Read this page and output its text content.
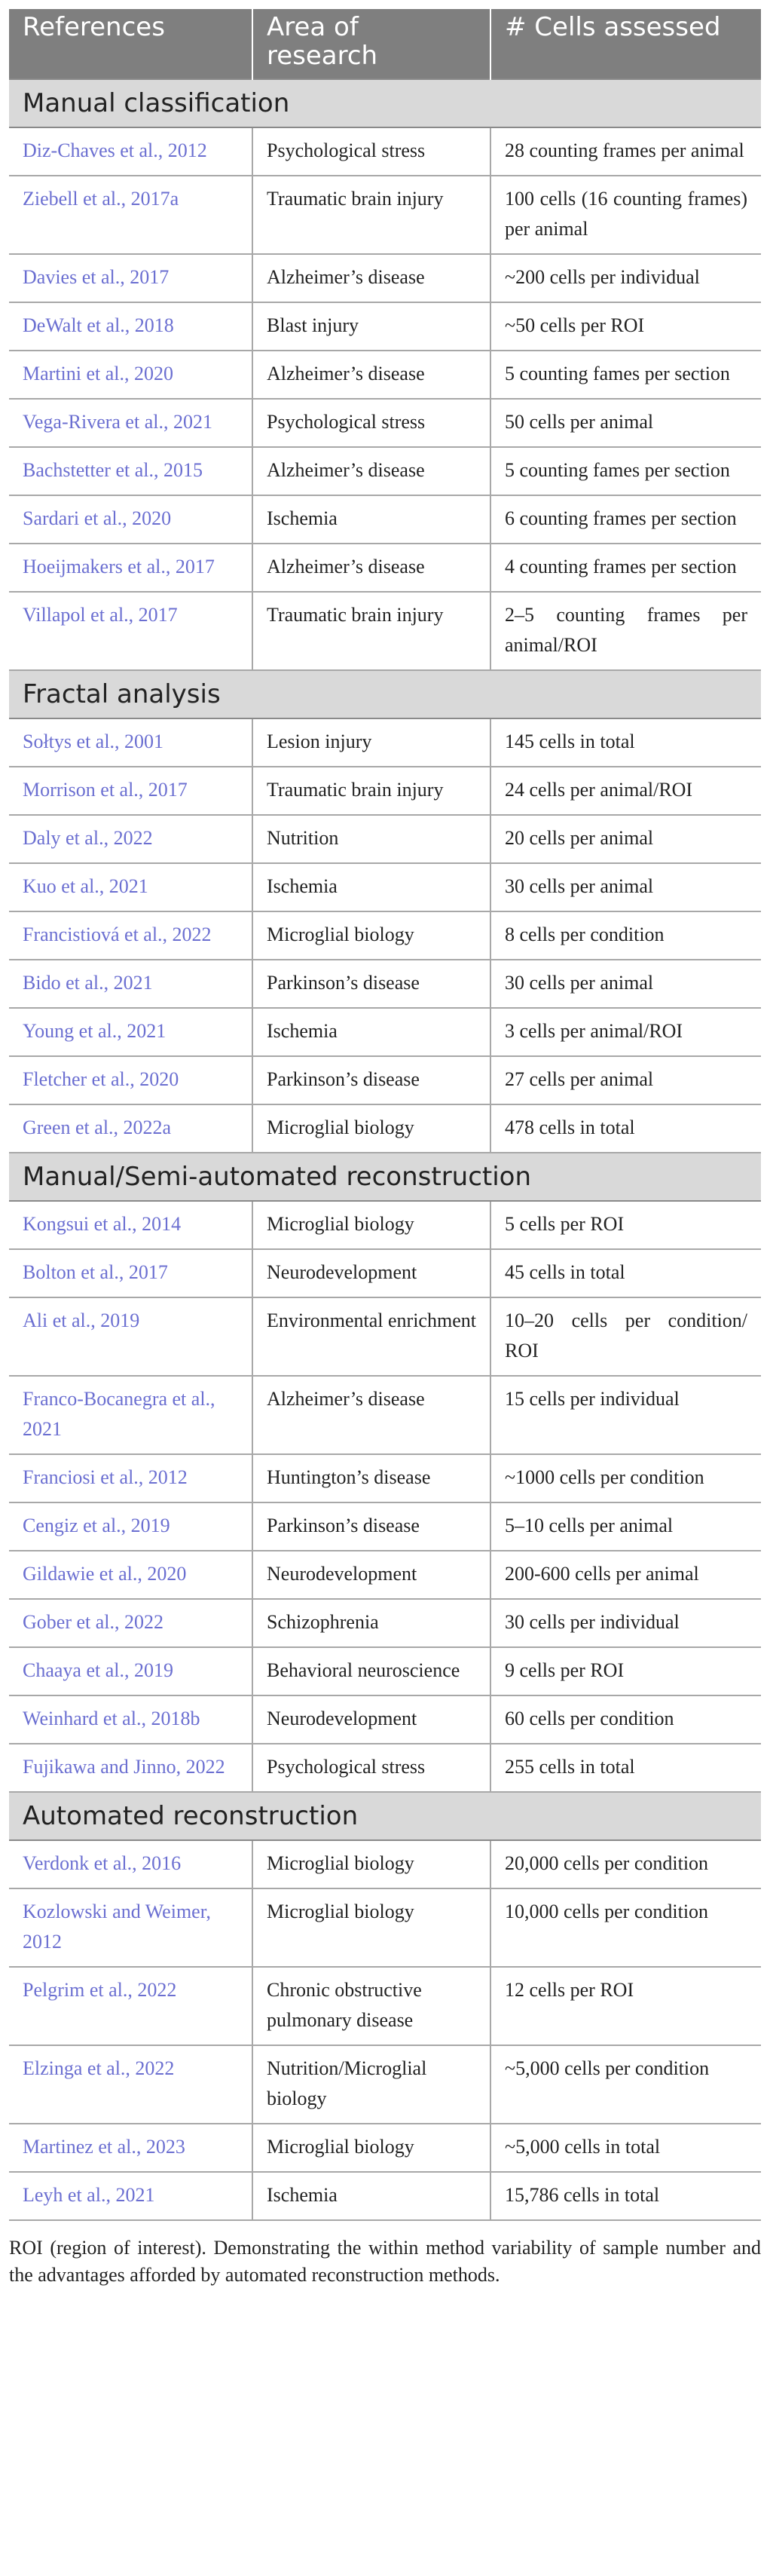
References	Area of research	# Cells assessed
Manual classification		
Diz-Chaves et al., 2012	Psychological stress	28 counting frames per animal
Ziebell et al., 2017a	Traumatic brain injury	100 cells (16 counting frames) per animal
Davies et al., 2017	Alzheimer’s disease	~200 cells per individual
DeWalt et al., 2018	Blast injury	~50 cells per ROI
Martini et al., 2020	Alzheimer’s disease	5 counting fames per section
Vega-Rivera et al., 2021	Psychological stress	50 cells per animal
Bachstetter et al., 2015	Alzheimer’s disease	5 counting fames per section
Sardari et al., 2020	Ischemia	6 counting frames per section
Hoeijmakers et al., 2017	Alzheimer’s disease	4 counting frames per section
Villapol et al., 2017	Traumatic brain injury	2–5 counting frames per animal/ROI
Fractal analysis		
Sołtys et al., 2001	Lesion injury	145 cells in total
Morrison et al., 2017	Traumatic brain injury	24 cells per animal/ROI
Daly et al., 2022	Nutrition	20 cells per animal
Kuo et al., 2021	Ischemia	30 cells per animal
Francistiová et al., 2022	Microglial biology	8 cells per condition
Bido et al., 2021	Parkinson’s disease	30 cells per animal
Young et al., 2021	Ischemia	3 cells per animal/ROI
Fletcher et al., 2020	Parkinson’s disease	27 cells per animal
Green et al., 2022a	Microglial biology	478 cells in total
Manual/Semi-automated reconstruction		
Kongsui et al., 2014	Microglial biology	5 cells per ROI
Bolton et al., 2017	Neurodevelopment	45 cells in total
Ali et al., 2019	Environmental enrichment	10–20 cells per condition/ ROI
Franco-Bocanegra et al., 2021	Alzheimer’s disease	15 cells per individual
Franciosi et al., 2012	Huntington’s disease	~1000 cells per condition
Cengiz et al., 2019	Parkinson’s disease	5–10 cells per animal
Gildawie et al., 2020	Neurodevelopment	200-600 cells per animal
Gober et al., 2022	Schizophrenia	30 cells per individual
Chaaya et al., 2019	Behavioral neuroscience	9 cells per ROI
Weinhard et al., 2018b	Neurodevelopment	60 cells per condition
Fujikawa and Jinno, 2022	Psychological stress	255 cells in total
Automated reconstruction		
Verdonk et al., 2016	Microglial biology	20,000 cells per condition
Kozlowski and Weimer, 2012	Microglial biology	10,000 cells per condition
Pelgrim et al., 2022	Chronic obstructive pulmonary disease	12 cells per ROI
Elzinga et al., 2022	Nutrition/Microglial biology	~5,000 cells per condition
Martinez et al., 2023	Microglial biology	~5,000 cells in total
Leyh et al., 2021	Ischemia	15,786 cells in total
ROI (region of interest). Demonstrating the within method variability of sample number and the advantages afforded by automated reconstruction methods.
